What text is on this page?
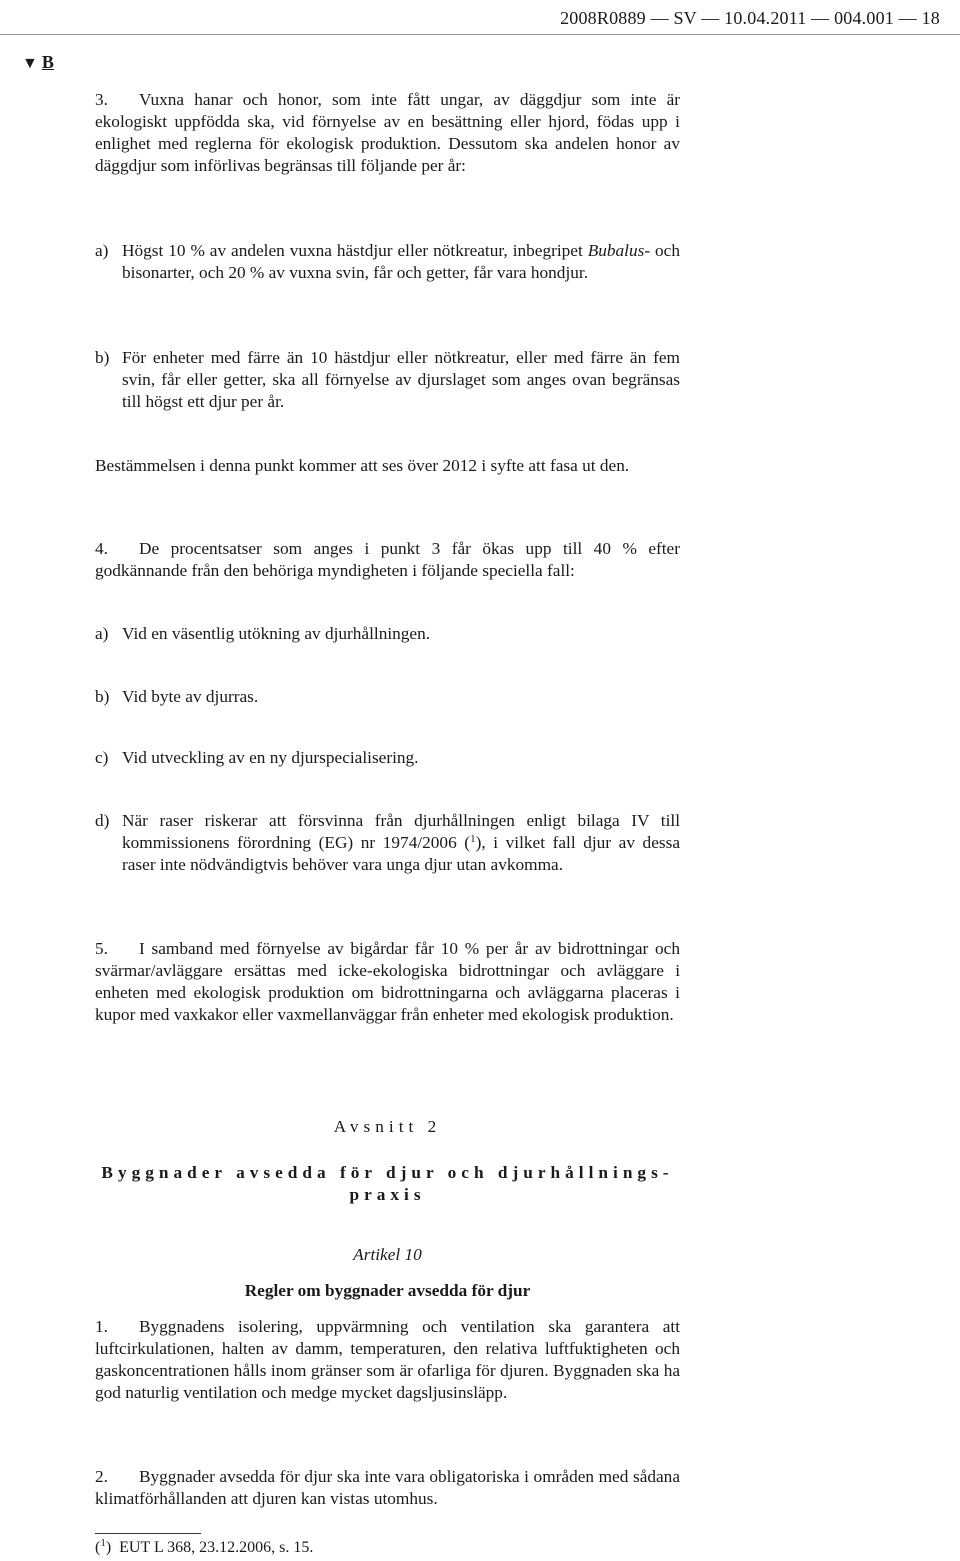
2008R0889 — SV — 10.04.2011 — 004.001 — 18
▼ B
3. Vuxna hanar och honor, som inte fått ungar, av däggdjur som inte är ekologiskt uppfödda ska, vid förnyelse av en besättning eller hjord, födas upp i enlighet med reglerna för ekologisk produktion. Dessutom ska andelen honor av däggdjur som införlivas begränsas till följande per år:
a) Högst 10 % av andelen vuxna hästdjur eller nötkreatur, inbegripet Bubalus- och bisonarter, och 20 % av vuxna svin, får och getter, får vara hondjur.
b) För enheter med färre än 10 hästdjur eller nötkreatur, eller med färre än fem svin, får eller getter, ska all förnyelse av djurslaget som anges ovan begränsas till högst ett djur per år.
Bestämmelsen i denna punkt kommer att ses över 2012 i syfte att fasa ut den.
4. De procentsatser som anges i punkt 3 får ökas upp till 40 % efter godkännande från den behöriga myndigheten i följande speciella fall:
a) Vid en väsentlig utökning av djurhållningen.
b) Vid byte av djurras.
c) Vid utveckling av en ny djurspecialisering.
d) När raser riskerar att försvinna från djurhållningen enligt bilaga IV till kommissionens förordning (EG) nr 1974/2006 ($^1$), i vilket fall djur av dessa raser inte nödvändigtvis behöver vara unga djur utan avkomma.
5. I samband med förnyelse av bigårdar får 10 % per år av bidrottningar och svärmar/avläggare ersättas med icke-ekologiska bidrottningar och avläggare i enheten med ekologisk produktion om bidrottningarna och avläggarna placeras i kupor med vaxkakor eller vaxmellanväggar från enheter med ekologisk produktion.
Avsnitt 2
Byggnader avsedda för djur och djurhållnings-
praxis
Artikel 10
Regler om byggnader avsedda för djur
1. Byggnadens isolering, uppvärmning och ventilation ska garantera att luftcirkulationen, halten av damm, temperaturen, den relativa luftfuktigheten och gaskoncentrationen hålls inom gränser som är ofarliga för djuren. Byggnaden ska ha god naturlig ventilation och medge mycket dagsljusinsläpp.
2. Byggnader avsedda för djur ska inte vara obligatoriska i områden med sådana klimatförhållanden att djuren kan vistas utomhus.
($^1$)  EUT L 368, 23.12.2006, s. 15.
